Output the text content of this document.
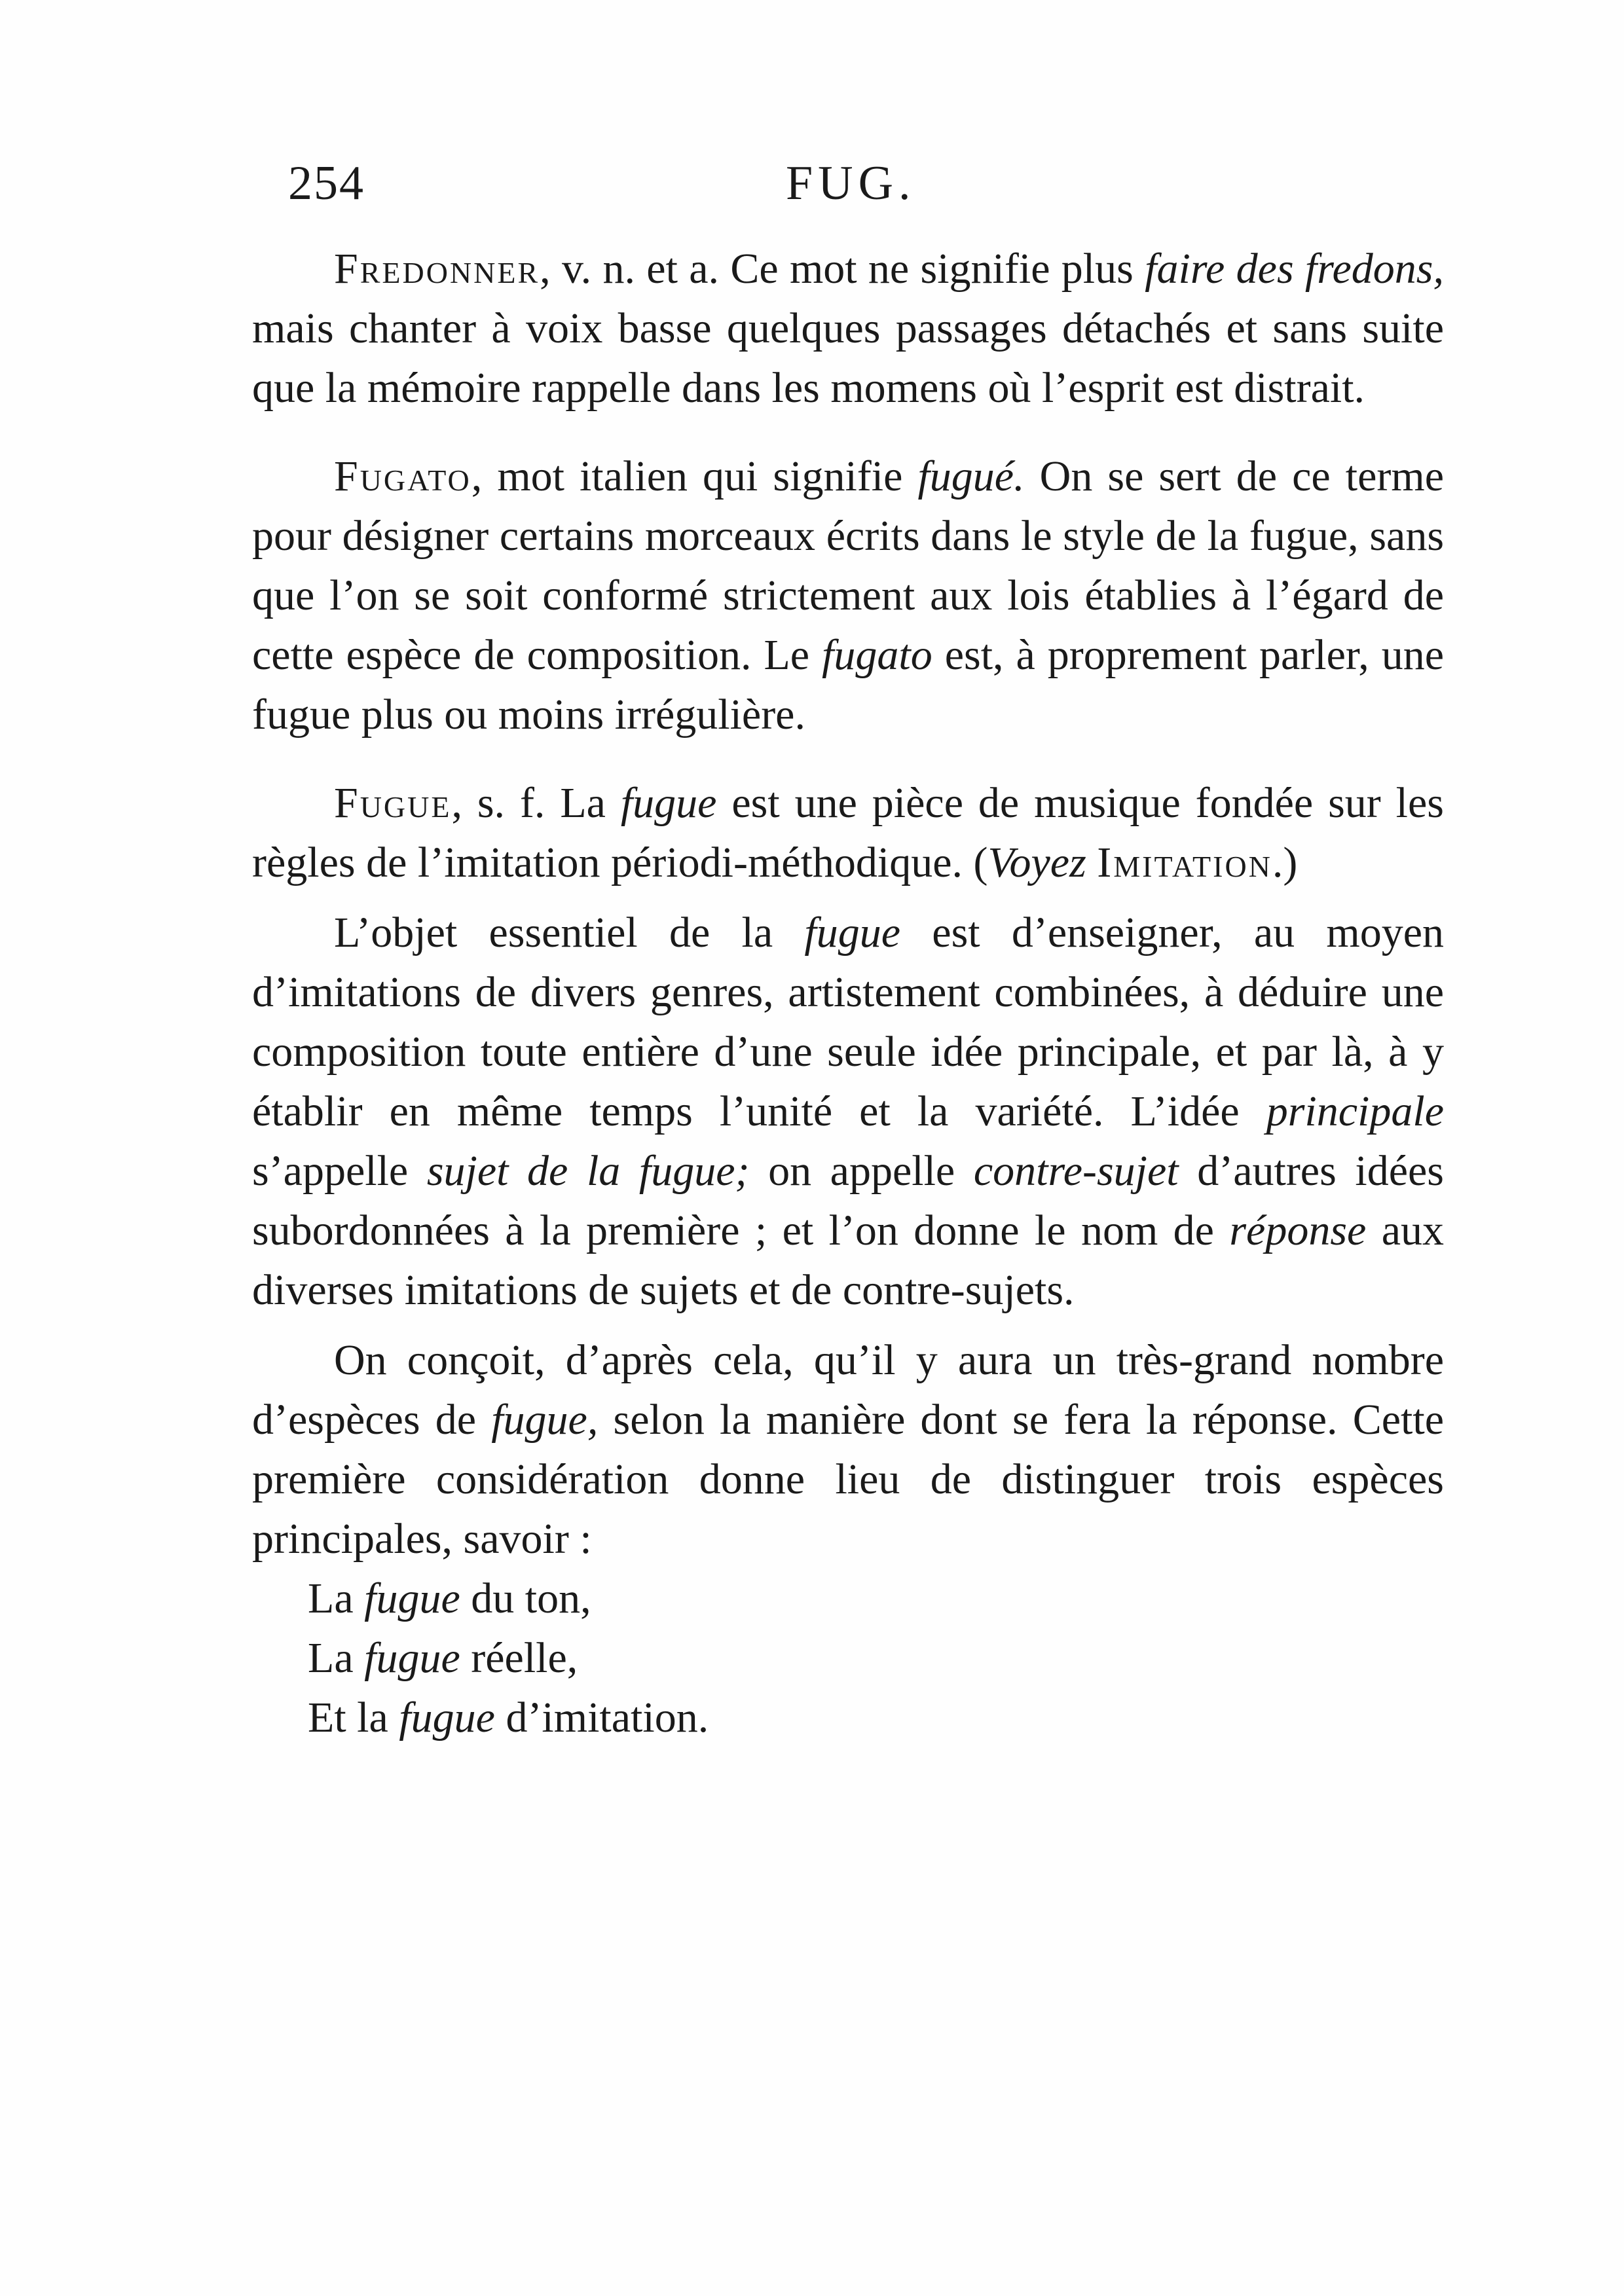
254	FUG.

Fredonner, v. n. et a. Ce mot ne signifie plus faire des fredons, mais chanter à voix basse quelques passages détachés et sans suite que la mémoire rappelle dans les momens où l’esprit est distrait.

Fugato, mot italien qui signifie fugué. On se sert de ce terme pour désigner certains morceaux écrits dans le style de la fugue, sans que l’on se soit conformé strictement aux lois établies à l’égard de cette espèce de composition. Le fugato est, à proprement parler, une fugue plus ou moins irrégulière.

Fugue, s. f. La fugue est une pièce de musique fondée sur les règles de l’imitation périodi-méthodique. (Voyez Imitation.)

L’objet essentiel de la fugue est d’enseigner, au moyen d’imitations de divers genres, artistement combinées, à déduire une composition toute entière d’une seule idée principale, et par là, à y établir en même temps l’unité et la variété. L’idée principale s’appelle sujet de la fugue; on appelle contre-sujet d’autres idées subordonnées à la première ; et l’on donne le nom de réponse aux diverses imitations de sujets et de contre-sujets.

On conçoit, d’après cela, qu’il y aura un très-grand nombre d’espèces de fugue, selon la manière dont se fera la réponse. Cette première considération donne lieu de distinguer trois espèces principales, savoir :

La fugue du ton,

La fugue réelle,

Et la fugue d’imitation.
